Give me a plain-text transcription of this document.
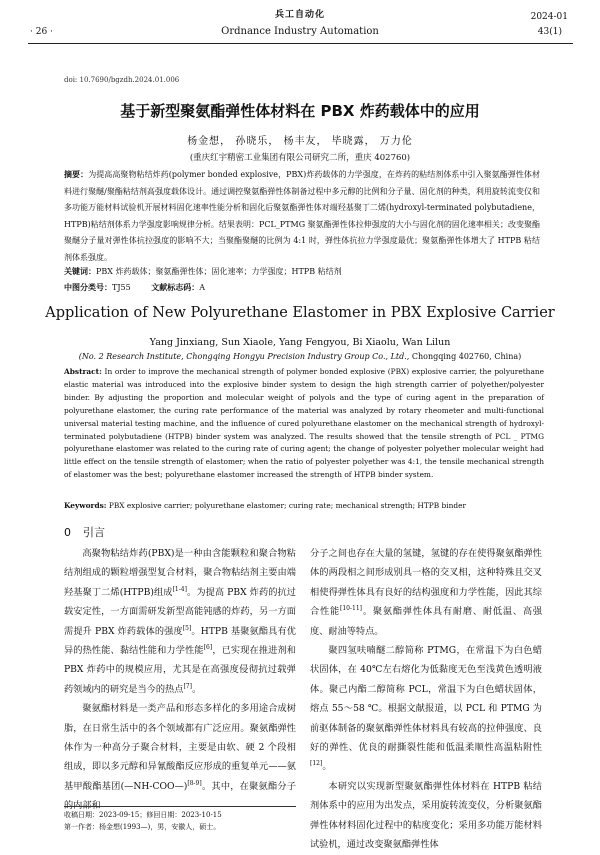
兵工自动化	2024-01
· 26 ·	Ordnance Industry Automation	43(1)
doi: 10.7690/bgzdh.2024.01.006
基于新型聚氨酯弹性体材料在 PBX 炸药载体中的应用
杨金想， 孙晓乐， 杨丰友， 毕晓露， 万力伦
(重庆红宇精密工业集团有限公司研究二所，重庆 402760)
摘要：为提高高聚物粘结炸药(polymer bonded explosive，PBX)炸药载体的力学强度，在炸药的粘结剂体系中引入聚氨酯弹性体材料进行聚醚/聚酯粘结剂高强度载体设计。通过调控聚氨酯弹性体制备过程中多元醇的比例和分子量、固化剂的种类，利用旋转流变仪和多功能万能材料试验机开展材料固化速率性能分析和固化后聚氨酯弹性体对端羟基聚丁二烯(hydroxyl-terminated polybutadiene，HTPB)粘结剂体系力学强度影响规律分析。结果表明：PCL_PTMG 聚氨酯弹性体拉伸强度的大小与固化剂的固化速率相关；改变聚酯聚醚分子量对弹性体抗拉强度的影响不大；当聚酯聚醚的比例为 4:1 时，弹性体抗拉力学强度最优；聚氨酯弹性体增大了 HTPB 粘结剂体系强度。
关键词：PBX 炸药载体；聚氨酯弹性体；固化速率；力学强度；HTPB 粘结剂
中图分类号：TJ55	文献标志码：A
Application of New Polyurethane Elastomer in PBX Explosive Carrier
Yang Jinxiang, Sun Xiaole, Yang Fengyou, Bi Xiaolu, Wan Lilun
(No. 2 Research Institute, Chongqing Hongyu Precision Industry Group Co., Ltd., Chongqing 402760, China)
Abstract: In order to improve the mechanical strength of polymer bonded explosive (PBX) explosive carrier, the polyurethane elastic material was introduced into the explosive binder system to design the high strength carrier of polyether/polyester binder. By adjusting the proportion and molecular weight of polyols and the type of curing agent in the preparation of polyurethane elastomer, the curing rate performance of the material was analyzed by rotary rheometer and multi-functional universal material testing machine, and the influence of cured polyurethane elastomer on the mechanical strength of hydroxyl-terminated polybutadiene (HTPB) binder system was analyzed. The results showed that the tensile strength of PCL _ PTMG polyurethane elastomer was related to the curing rate of curing agent; the change of polyester polyether molecular weight had little effect on the tensile strength of elastomer; when the ratio of polyester polyether was 4:1, the tensile mechanical strength of elastomer was the best; polyurethane elastomer increased the strength of HTPB binder system.
Keywords: PBX explosive carrier; polyurethane elastomer; curing rate; mechanical strength; HTPB binder
0 引言

高聚物粘结炸药(PBX)是一种由含能颗粒和聚合物粘结剂组成的颗粒增强型复合材料，聚合物粘结剂主要由端羟基聚丁二烯(HTPB)组成[1-4]。为提高 PBX 炸药的抗过载安定性，一方面需研发新型高能钝感的炸药，另一方面需提升 PBX 炸药载体的强度[5]。HTPB 基聚氨酯具有优异的热性能、黏结性能和力学性能[6]，已实现在推进剂和 PBX 炸药中的规模应用，尤其是在高强度侵彻抗过载弹药领域内的研究是当今的热点[7]。

聚氨酯材料是一类产品和形态多样化的多用途合成树脂，在日常生活中的各个领域都有广泛应用。聚氨酯弹性体作为一种高分子聚合材料，主要是由软、硬 2 个段相组成，即以多元醇和异氰酸酯反应形成的重复单元——氨基甲酸酯基团(—NH-COO—)[8-9]。其中，在聚氨酯分子的内部和

分子之间也存在大量的氢键，氢键的存在使得聚氨酯弹性体的两段相之间形成别具一格的交叉相，这种特殊且交叉相使得弹性体具有良好的结构强度和力学性能，因此其综合性能[10-11]。聚氨酯弹性体具有耐磨、耐低温、高强度、耐油等特点。

聚四氢呋喃醚二醇简称 PTMG，在常温下为白色蜡状固体，在 40℃左右熔化为低黏度无色至浅黄色透明液体。聚己内酯二醇简称 PCL，常温下为白色蜡状固体，熔点 55～58 ℃。根据文献报道，以 PCL 和 PTMG 为前驱体制备的聚氨酯弹性体材料具有较高的拉伸强度、良好的弹性、优良的耐撕裂性能和低温柔顺性高温粘附性[12]。

本研究以实现新型聚氨酯弹性体材料在 HTPB 粘结剂体系中的应用为出发点，采用旋转流变仪，分析聚氨酯弹性体材料固化过程中的粘度变化；采用多功能万能材料试验机，通过改变聚氨酯弹性体

收稿日期：2023-09-15；修回日期：2023-10-15
第一作者：杨金想(1993—)，男，安徽人，硕士。
